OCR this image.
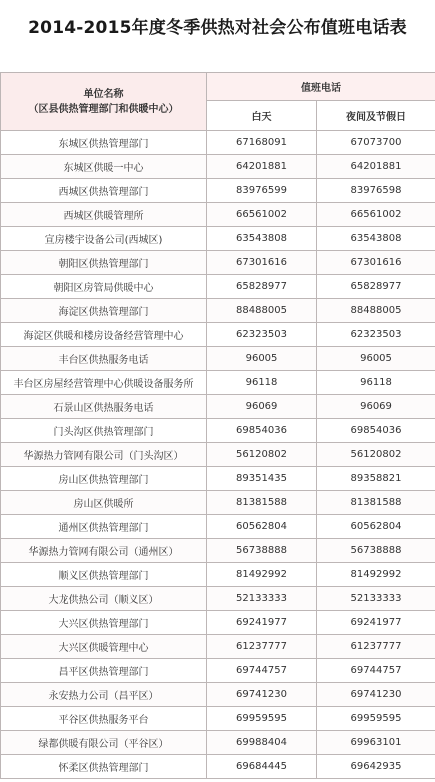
2014-2015年度冬季供热对社会公布值班电话表
单位名称
（区县供热管理部门和供暖中心）	值班电话	
	白天	夜间及节假日
东城区供热管理部门	67168091	67073700
东城区供暖一中心	64201881	64201881
西城区供热管理部门	83976599	83976598
西城区供暖管理所	66561002	66561002
宣房楼宇设备公司(西城区)	63543808	63543808
朝阳区供热管理部门	67301616	67301616
朝阳区房管局供暖中心	65828977	65828977
海淀区供热管理部门	88488005	88488005
海淀区供暖和楼房设备经营管理中心	62323503	62323503
丰台区供热服务电话	96005	96005
丰台区房屋经营管理中心供暖设备服务所	96118	96118
石景山区供热服务电话	96069	96069
门头沟区供热管理部门	69854036	69854036
华源热力管网有限公司（门头沟区）	56120802	56120802
房山区供热管理部门	89351435	89358821
房山区供暖所	81381588	81381588
通州区供热管理部门	60562804	60562804
华源热力管网有限公司（通州区）	56738888	56738888
顺义区供热管理部门	81492992	81492992
大龙供热公司（顺义区）	52133333	52133333
大兴区供热管理部门	69241977	69241977
大兴区供暖管理中心	61237777	61237777
昌平区供热管理部门	69744757	69744757
永安热力公司（昌平区）	69741230	69741230
平谷区供热服务平台	69959595	69959595
绿都供暖有限公司（平谷区）	69988404	69963101
怀柔区供热管理部门	69684445	69642935
